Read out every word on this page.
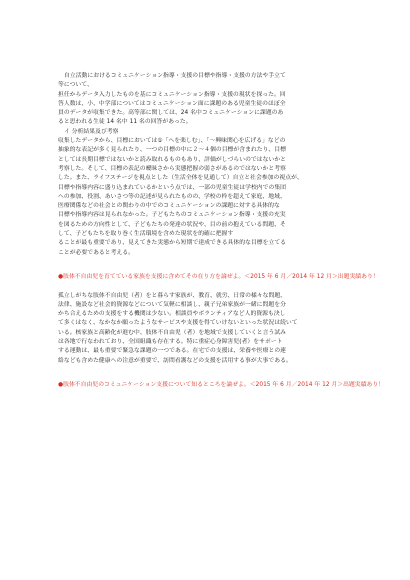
自立活動におけるコミュニケーション指導・支援の目標や指導・支援の方法や手立て
等について、
担任からデータ入力したものを基にコミュニケーション指導・支援の現状を探った。回
答人数は、小、中学部についてはコミュニケーション面に課題のある児童生徒のほぼ全
員のデータが収集できた。高等部に関しては、24 名中コミュニケーションに課題のあ
ると思われる生徒 14 名中 11 名の回答があった。
イ 分析結果及び考察
収集したデータから、目標においては①「へを楽しむ」、「～興味関心を広げる」などの
抽象的な表記が多く見られたり、一つの目標の中に２～４個の目標が含まれたり、目標
としては長期目標ではないかと読み取れるものもあり、評価がしづらいのではないかと
考察した。そして、目標の表記の曖昧さから実態把握の弱さがあるのではないかと考察
した。また、ライフステージを視点とした（生活全体を見通して）自立と社会参加の視点が、
目標や指導内容に盛り込まれているかという点では、一部の児童生徒は学校内での集団
への参加、役割、あいさつ等の記述が見られたものの、学校の枠を超えて家庭、地域、
医療関係などの社会との関わりの中でのコミュニケーションの課題に対する具体的な
目標や指導内容は見られなかった。子どもたちのコミュニケーション指導・支援の充実
を図るための方向性として、子どもたちの発達の状況や、目の前の抱えている問題、そ
して、子どもたちを取り巻く生活環境を含めた現状を的確に把握す
ることが最も重要であり、見えてきた実態から短期で達成できる具体的な目標を立てる
ことが必要であると考える。
●肢体不自由児を育てている家族を支援に含めてその在り方を論ぜよ。＜2015 年 6 月／2014 年 12 月＞出題実績あり！
孤立しがちな肢体不自由児（者）をと暮らす家族が、教育、就労、日常の様々な問題、
法律、施設など社会的資源などについて気軽に相談し、親子兄弟家族が一緒に問題を分
かち合えるための支援をする機関は少ない。相談員やボランティアなど人的資源も決し
て多くはなく、なかなか願ったようなサービスや支援を得ていけないといった状況は続いて
いる。核家族と高齢化が進む中、肢体不自由児（者）を地域で支援していくと言う試み
は各地で行なわれており、全国組織も存在する。特に重症心身障害児(者）をサポート
する運動は、最も重要で緊急な課題の一つである。在宅での支援は、栄養や医療との連
絡なども含めた健康への注意が重要で、訪問看護などの支援を活用する事が大事である。
●肢体不自由児のコミュニケーション支援について知るところを論ぜよ。＜2015 年 6 月／2014 年 12 月＞出題実績あり！
